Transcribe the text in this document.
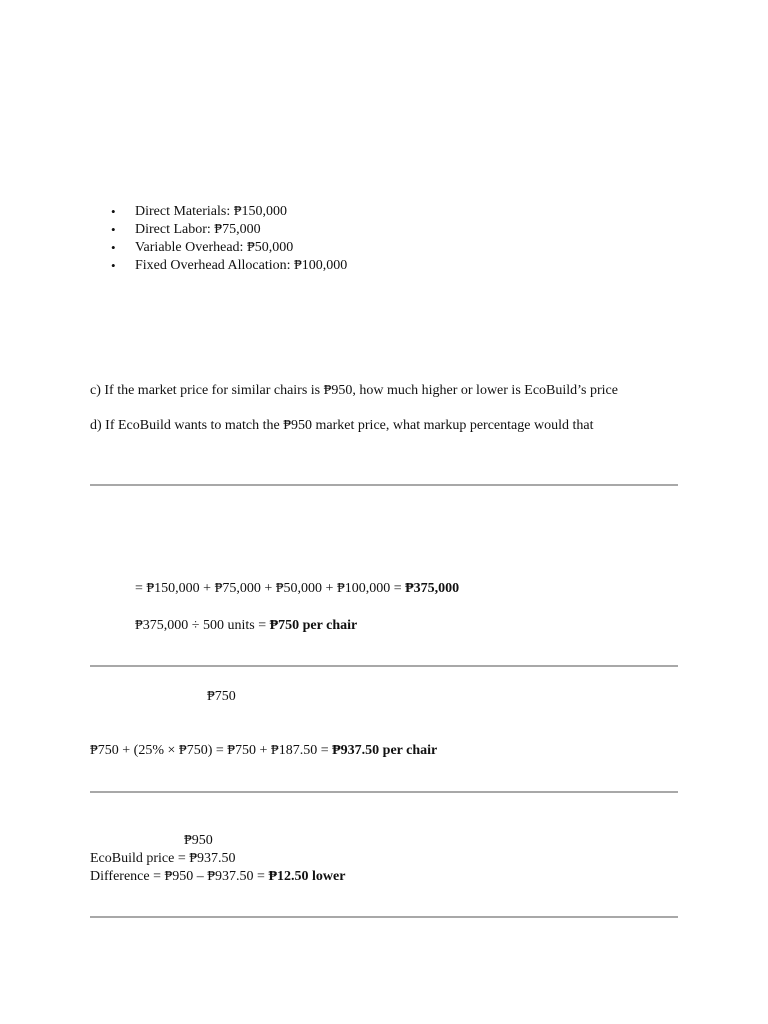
• Direct Materials: ₱150,000
• Direct Labor: ₱75,000
• Variable Overhead: ₱50,000
• Fixed Overhead Allocation: ₱100,000
c) If the market price for similar chairs is ₱950, how much higher or lower is EcoBuild’s price
d) If EcoBuild wants to match the ₱950 market price, what markup percentage would that
= ₱150,000 + ₱75,000 + ₱50,000 + ₱100,000 = ₱375,000
₱375,000 ÷ 500 units = ₱750 per chair
₱750
₱750 + (25% × ₱750) = ₱750 + ₱187.50 = ₱937.50 per chair
₱950
EcoBuild price = ₱937.50
Difference = ₱950 – ₱937.50 = ₱12.50 lower
